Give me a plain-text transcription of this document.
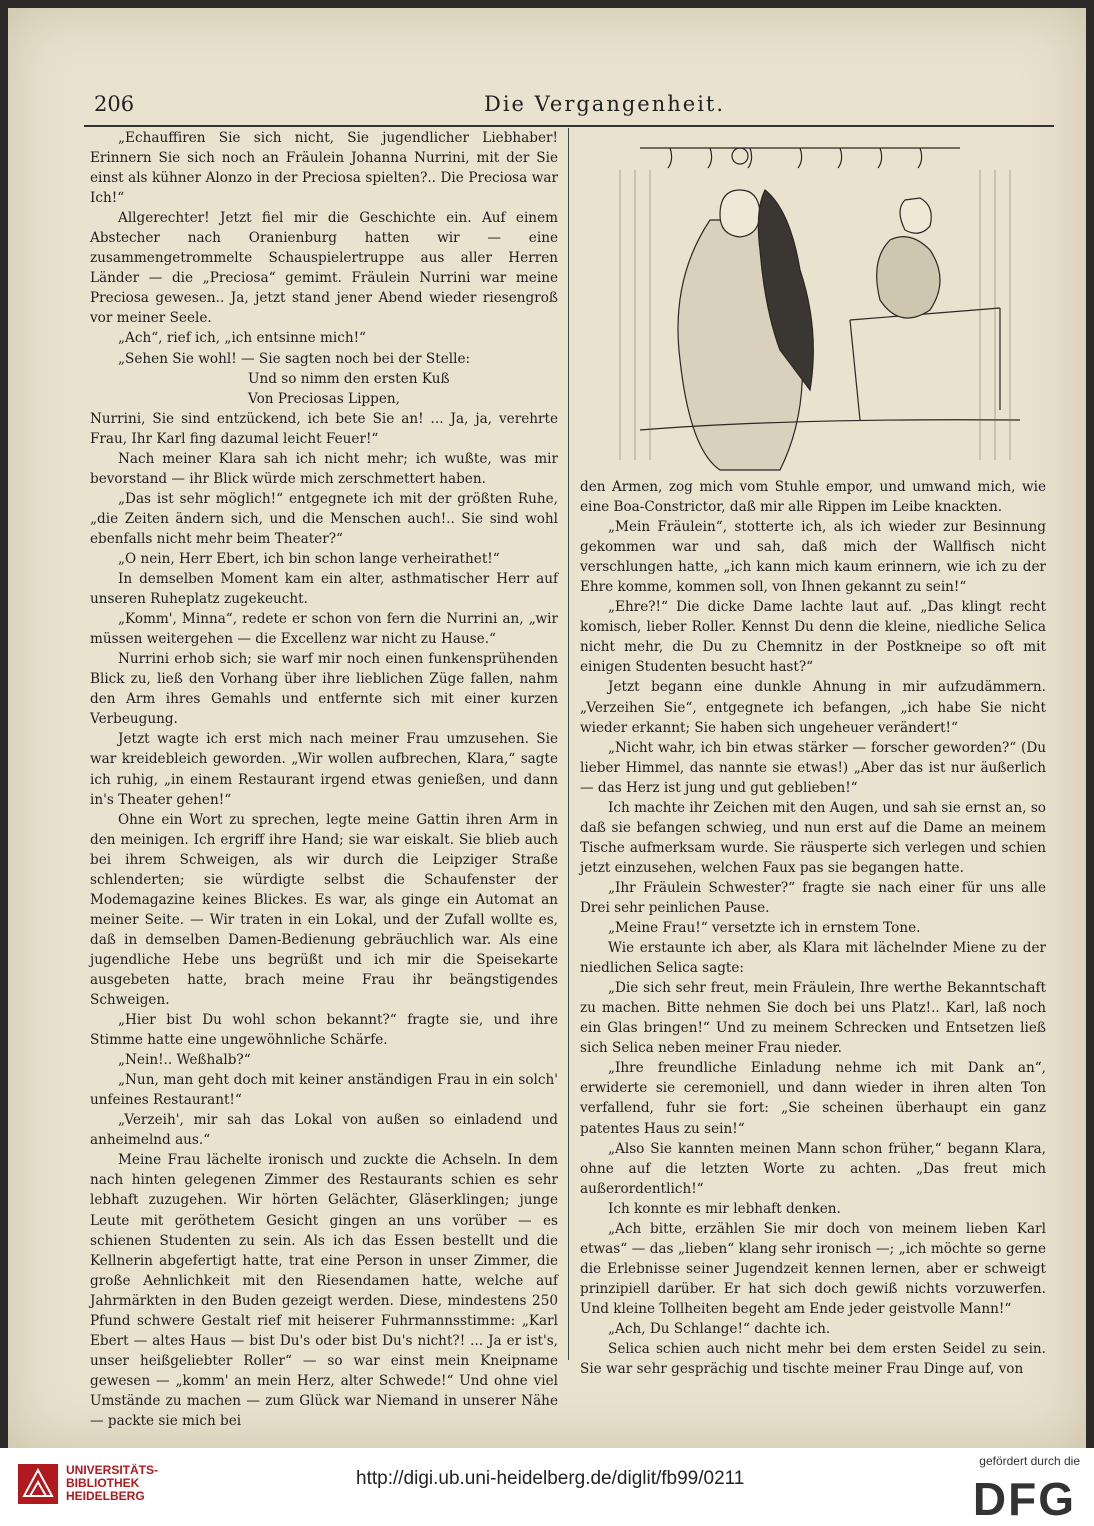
206	Die Vergangenheit.

„Echauffiren Sie sich nicht, Sie jugendlicher Liebhaber! Erinnern Sie sich noch an Fräulein Johanna Nurrini, mit der Sie einst als kühner Alonzo in der Preciosa spielten?.. Die Preciosa war Ich!“

Allgerechter! Jetzt fiel mir die Geschichte ein. Auf einem Abstecher nach Oranienburg hatten wir — eine zusammengetrommelte Schauspielertruppe aus aller Herren Länder — die „Preciosa“ gemimt. Fräulein Nurrini war meine Preciosa gewesen.. Ja, jetzt stand jener Abend wieder riesengroß vor meiner Seele.

„Ach“, rief ich, „ich entsinne mich!“

„Sehen Sie wohl! — Sie sagten noch bei der Stelle:

Und so nimm den ersten Kuß

Von Preciosas Lippen,

Nurrini, Sie sind entzückend, ich bete Sie an! ... Ja, ja, verehrte Frau, Ihr Karl fing dazumal leicht Feuer!“

Nach meiner Klara sah ich nicht mehr; ich wußte, was mir bevorstand — ihr Blick würde mich zerschmettert haben.

„Das ist sehr möglich!“ entgegnete ich mit der größten Ruhe, „die Zeiten ändern sich, und die Menschen auch!.. Sie sind wohl ebenfalls nicht mehr beim Theater?“

„O nein, Herr Ebert, ich bin schon lange verheirathet!“

In demselben Moment kam ein alter, asthmatischer Herr auf unseren Ruheplatz zugekeucht.

„Komm', Minna“, redete er schon von fern die Nurrini an, „wir müssen weitergehen — die Excellenz war nicht zu Hause.“

Nurrini erhob sich; sie warf mir noch einen funkensprühenden Blick zu, ließ den Vorhang über ihre lieblichen Züge fallen, nahm den Arm ihres Gemahls und entfernte sich mit einer kurzen Verbeugung.

Jetzt wagte ich erst mich nach meiner Frau umzusehen. Sie war kreidebleich geworden. „Wir wollen aufbrechen, Klara,“ sagte ich ruhig, „in einem Restaurant irgend etwas genießen, und dann in's Theater gehen!“

Ohne ein Wort zu sprechen, legte meine Gattin ihren Arm in den meinigen. Ich ergriff ihre Hand; sie war eiskalt. Sie blieb auch bei ihrem Schweigen, als wir durch die Leipziger Straße schlenderten; sie würdigte selbst die Schaufenster der Modemagazine keines Blickes. Es war, als ginge ein Automat an meiner Seite. — Wir traten in ein Lokal, und der Zufall wollte es, daß in demselben Damen-Bedienung gebräuchlich war. Als eine jugendliche Hebe uns begrüßt und ich mir die Speisekarte ausgebeten hatte, brach meine Frau ihr beängstigendes Schweigen.

„Hier bist Du wohl schon bekannt?“ fragte sie, und ihre Stimme hatte eine ungewöhnliche Schärfe.

„Nein!.. Weßhalb?“

„Nun, man geht doch mit keiner anständigen Frau in ein solch' unfeines Restaurant!“

„Verzeih', mir sah das Lokal von außen so einladend und anheimelnd aus.“

Meine Frau lächelte ironisch und zuckte die Achseln. In dem nach hinten gelegenen Zimmer des Restaurants schien es sehr lebhaft zuzugehen. Wir hörten Gelächter, Gläserklingen; junge Leute mit geröthetem Gesicht gingen an uns vorüber — es schienen Studenten zu sein. Als ich das Essen bestellt und die Kellnerin abgefertigt hatte, trat eine Person in unser Zimmer, die große Aehnlichkeit mit den Riesendamen hatte, welche auf Jahrmärkten in den Buden gezeigt werden. Diese, mindestens 250 Pfund schwere Gestalt rief mit heiserer Fuhrmannsstimme: „Karl Ebert — altes Haus — bist Du's oder bist Du's nicht?! ... Ja er ist's, unser heißgeliebter Roller“ — so war einst mein Kneipname gewesen — „komm' an mein Herz, alter Schwede!“ Und ohne viel Umstände zu machen — zum Glück war Niemand in unserer Nähe — packte sie mich bei

den Armen, zog mich vom Stuhle empor, und umwand mich, wie eine Boa-Constrictor, daß mir alle Rippen im Leibe knackten.

„Mein Fräulein“, stotterte ich, als ich wieder zur Besinnung gekommen war und sah, daß mich der Wallfisch nicht verschlungen hatte, „ich kann mich kaum erinnern, wie ich zu der Ehre komme, kommen soll, von Ihnen gekannt zu sein!“

„Ehre?!“ Die dicke Dame lachte laut auf. „Das klingt recht komisch, lieber Roller. Kennst Du denn die kleine, niedliche Selica nicht mehr, die Du zu Chemnitz in der Postkneipe so oft mit einigen Studenten besucht hast?“

Jetzt begann eine dunkle Ahnung in mir aufzudämmern. „Verzeihen Sie“, entgegnete ich befangen, „ich habe Sie nicht wieder erkannt; Sie haben sich ungeheuer verändert!“

„Nicht wahr, ich bin etwas stärker — forscher geworden?“ (Du lieber Himmel, das nannte sie etwas!) „Aber das ist nur äußerlich — das Herz ist jung und gut geblieben!“

Ich machte ihr Zeichen mit den Augen, und sah sie ernst an, so daß sie befangen schwieg, und nun erst auf die Dame an meinem Tische aufmerksam wurde. Sie räusperte sich verlegen und schien jetzt einzusehen, welchen Faux pas sie begangen hatte.

„Ihr Fräulein Schwester?“ fragte sie nach einer für uns alle Drei sehr peinlichen Pause.

„Meine Frau!“ versetzte ich in ernstem Tone.

Wie erstaunte ich aber, als Klara mit lächelnder Miene zu der niedlichen Selica sagte:

„Die sich sehr freut, mein Fräulein, Ihre werthe Bekanntschaft zu machen. Bitte nehmen Sie doch bei uns Platz!.. Karl, laß noch ein Glas bringen!“ Und zu meinem Schrecken und Entsetzen ließ sich Selica neben meiner Frau nieder.

„Ihre freundliche Einladung nehme ich mit Dank an“, erwiderte sie ceremoniell, und dann wieder in ihren alten Ton verfallend, fuhr sie fort: „Sie scheinen überhaupt ein ganz patentes Haus zu sein!“

„Also Sie kannten meinen Mann schon früher,“ begann Klara, ohne auf die letzten Worte zu achten. „Das freut mich außerordentlich!“

Ich konnte es mir lebhaft denken.

„Ach bitte, erzählen Sie mir doch von meinem lieben Karl etwas“ — das „lieben“ klang sehr ironisch —; „ich möchte so gerne die Erlebnisse seiner Jugendzeit kennen lernen, aber er schweigt prinzipiell darüber. Er hat sich doch gewiß nichts vorzuwerfen. Und kleine Tollheiten begeht am Ende jeder geistvolle Mann!“

„Ach, Du Schlange!“ dachte ich.

Selica schien auch nicht mehr bei dem ersten Seidel zu sein. Sie war sehr gesprächig und tischte meiner Frau Dinge auf, von

UNIVERSITÄTS-
BIBLIOTHEK
HEIDELBERG
http://digi.ub.uni-heidelberg.de/diglit/fb99/0211
gefördert durch die
DFG
